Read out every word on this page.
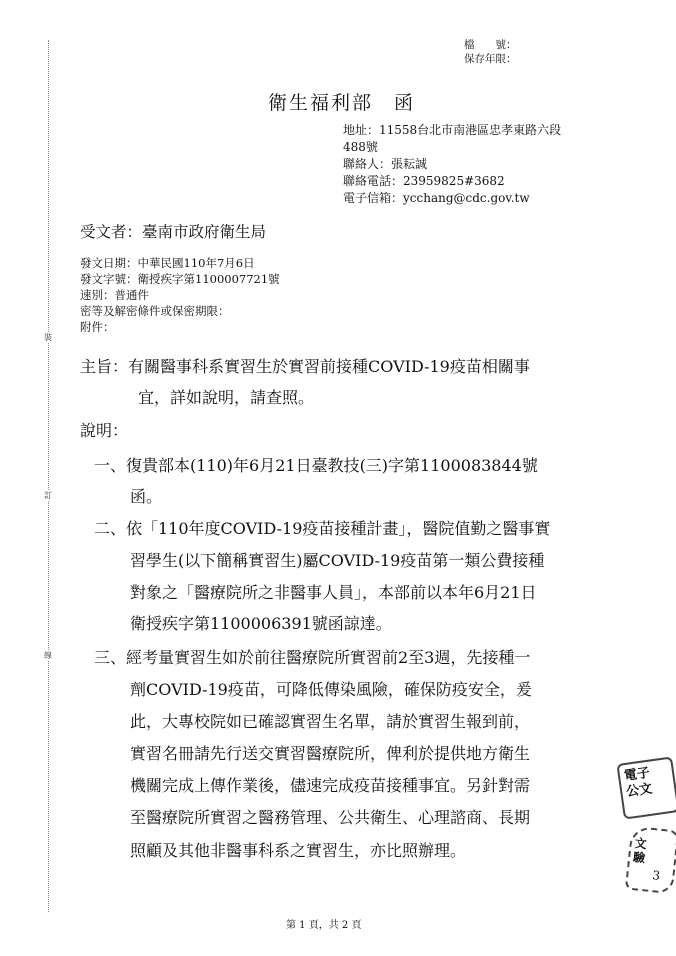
裝
訂
線
檔　　號：
保存年限：
衛生福利部　函
地址：11558台北市南港區忠孝東路六段
488號
聯絡人：張耘誠
聯絡電話：23959825#3682
電子信箱：ycchang@cdc.gov.tw
受文者：臺南市政府衛生局
發文日期：中華民國110年7月6日
發文字號：衛授疾字第1100007721號
速別：普通件
密等及解密條件或保密期限：
附件：
主旨：有關醫事科系實習生於實習前接種COVID-19疫苗相關事
宜，詳如說明，請查照。
說明：
一、復貴部本(110)年6月21日臺教技(三)字第1100083844號
函。
二、依「110年度COVID-19疫苗接種計畫」，醫院值勤之醫事實
習學生(以下簡稱實習生)屬COVID-19疫苗第一類公費接種
對象之「醫療院所之非醫事人員」，本部前以本年6月21日
衛授疾字第1100006391號函諒達。
三、經考量實習生如於前往醫療院所實習前2至3週，先接種一
劑COVID-19疫苗，可降低傳染風險，確保防疫安全，爰
此，大專校院如已確認實習生名單，請於實習生報到前，
實習名冊請先行送交實習醫療院所，俾利於提供地方衛生
機關完成上傳作業後，儘速完成疫苗接種事宜。另針對需
至醫療院所實習之醫務管理、公共衛生、心理諮商、長期
照顧及其他非醫事科系之實習生，亦比照辦理。
電子
公文
文驗
3
第 1 頁，共 2 頁
